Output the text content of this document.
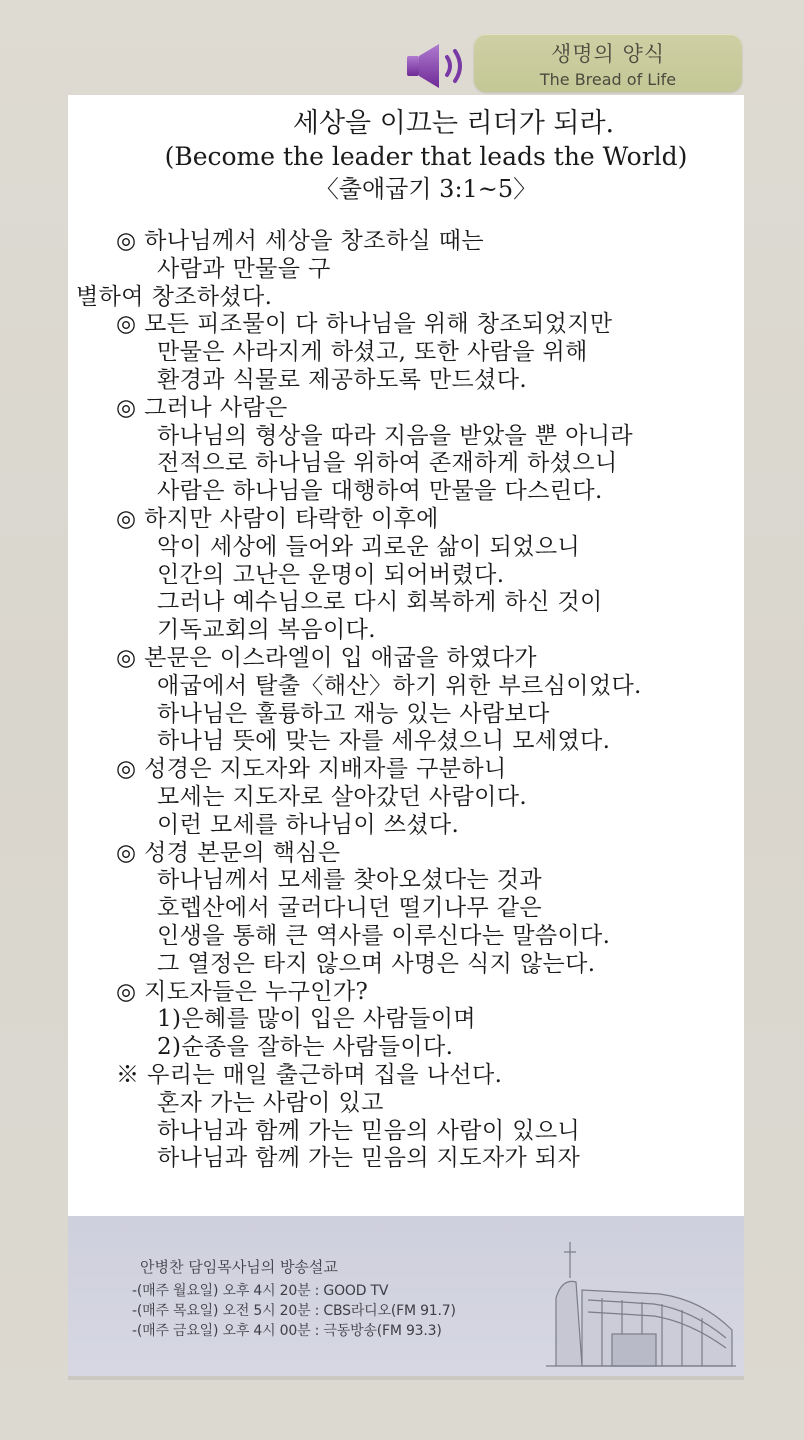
생명의 양식
The Bread of Life
세상을 이끄는 리더가 되라.
(Become the leader that leads the World)
〈출애굽기 3:1~5〉
◎ 하나님께서 세상을 창조하실 때는
사람과 만물을 구
별하여 창조하셨다.
◎ 모든 피조물이 다 하나님을 위해 창조되었지만
만물은 사라지게 하셨고, 또한 사람을 위해
환경과 식물로 제공하도록 만드셨다.
◎ 그러나 사람은
하나님의 형상을 따라 지음을 받았을 뿐 아니라
전적으로 하나님을 위하여 존재하게 하셨으니
사람은 하나님을 대행하여 만물을 다스린다.
◎ 하지만 사람이 타락한 이후에
악이 세상에 들어와 괴로운 삶이 되었으니
인간의 고난은 운명이 되어버렸다.
그러나 예수님으로 다시 회복하게 하신 것이
기독교회의 복음이다.
◎ 본문은 이스라엘이 입 애굽을 하였다가
애굽에서 탈출〈해산〉하기 위한 부르심이었다.
하나님은 훌륭하고 재능 있는 사람보다
하나님 뜻에 맞는 자를 세우셨으니 모세였다.
◎ 성경은 지도자와 지배자를 구분하니
모세는 지도자로 살아갔던 사람이다.
이런 모세를 하나님이 쓰셨다.
◎ 성경 본문의 핵심은
하나님께서 모세를 찾아오셨다는 것과
호렙산에서 굴러다니던 떨기나무 같은
인생을 통해 큰 역사를 이루신다는 말씀이다.
그 열정은 타지 않으며 사명은 식지 않는다.
◎ 지도자들은 누구인가?
1)은혜를 많이 입은 사람들이며
2)순종을 잘하는 사람들이다.
※ 우리는 매일 출근하며 집을 나선다.
혼자 가는 사람이 있고
하나님과 함께 가는 믿음의 사람이 있으니
하나님과 함께 가는 믿음의 지도자가 되자
안병찬 담임목사님의 방송설교
-(매주 월요일) 오후 4시 20분 : GOOD TV
-(매주 목요일) 오전 5시 20분 : CBS라디오(FM 91.7)
-(매주 금요일) 오후 4시 00분 : 극동방송(FM 93.3)
